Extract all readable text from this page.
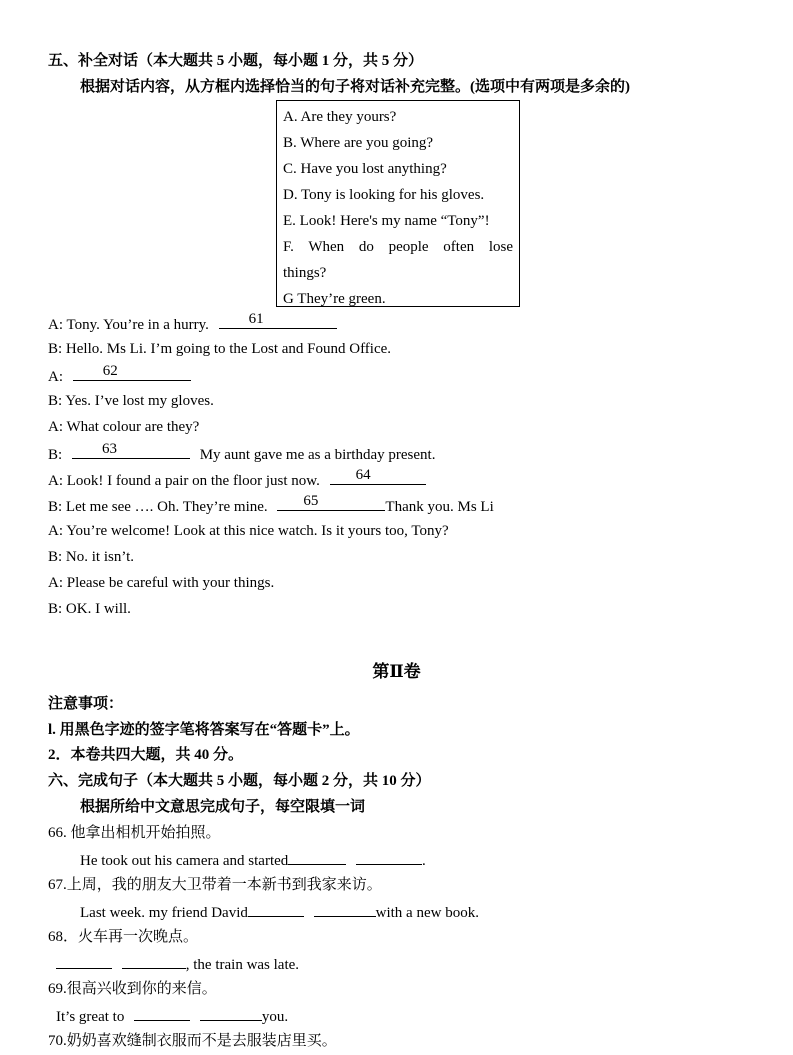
五、补全对话（本大题共 5 小题，每小题 1 分，共 5 分）
根据对话内容，从方框内选择恰当的句子将对话补充完整。(选项中有两项是多余的)
A. Are they yours?
B. Where are you going?
C. Have you lost anything?
D. Tony is looking for his gloves.
E. Look! Here's my name “Tony”!
F. When do people often lose
things?
G They’re green.
A: Tony. You’re in a hurry.	61
B: Hello. Ms Li. I’m going to the Lost and Found Office.
A:	62
B: Yes. I’ve lost my gloves.
A: What colour are they?
B:	63	My aunt gave me as a birthday present.
A: Look! I found a pair on the floor just now.	64
B: Let me see …. Oh. They’re mine.	65	Thank you. Ms Li
A: You’re welcome! Look at this nice watch. Is it yours too, Tony?
B: No. it isn’t.
A: Please be careful with your things.
B: OK. I will.
第Ⅱ卷
注意事项：
l. 用黑色字迹的签字笔将答案写在“答题卡”上。
2．本卷共四大题，共 40 分。
六、完成句子（本大题共 5 小题，每小题 2 分，共 10 分）
根据所给中文意思完成句子，每空限填一词
66. 他拿出相机开始拍照。
He took out his camera and started	.
67.上周，我的朋友大卫带着一本新书到我家来访。
Last week. my friend David	with a new book.
68．火车再一次晚点。
, the train was late.
69.很高兴收到你的来信。
It’s great to	you.
70.奶奶喜欢缝制衣服而不是去服装店里买。
